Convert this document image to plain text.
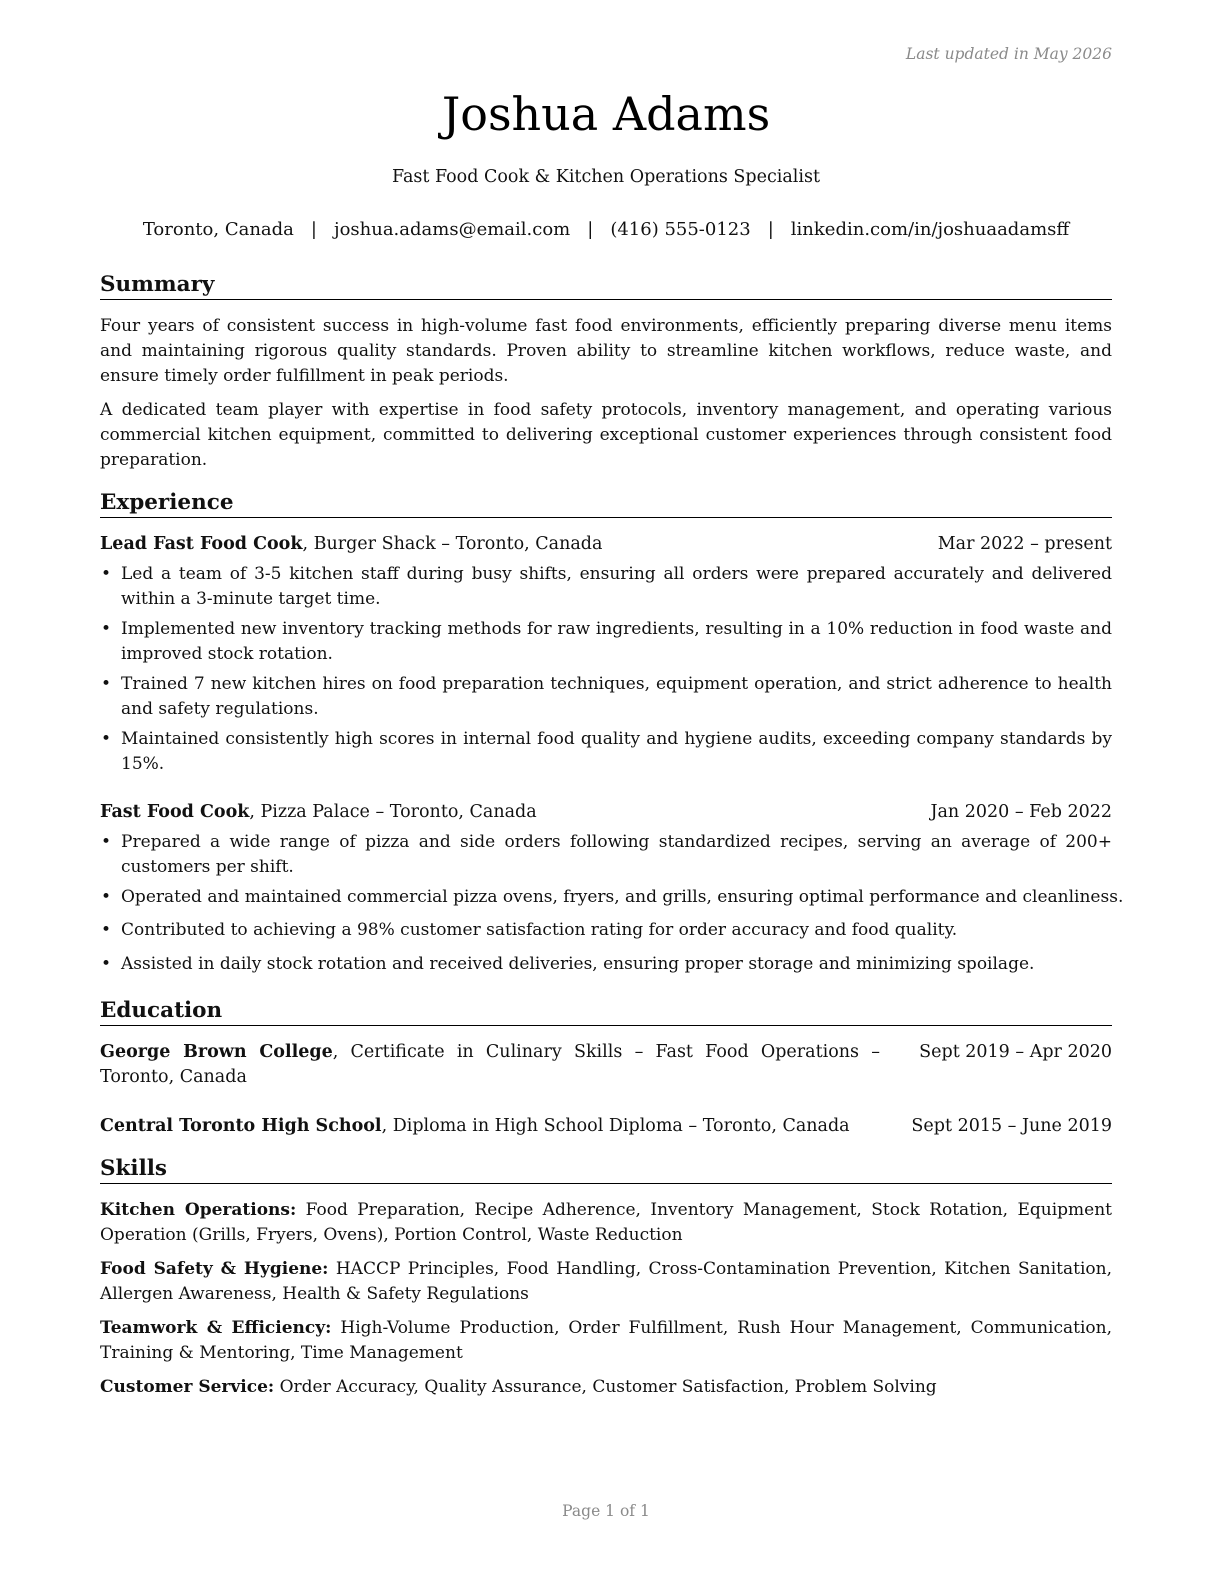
Last updated in May 2026
Joshua Adams
Fast Food Cook & Kitchen Operations Specialist
Toronto, Canada | joshua.adams@email.com | (416) 555-0123 | linkedin.com/in/joshuaadamsff
Summary
Four years of consistent success in high-volume fast food environments, efficiently preparing diverse menu items and maintaining rigorous quality standards. Proven ability to streamline kitchen workflows, reduce waste, and ensure timely order fulfillment in peak periods.
A dedicated team player with expertise in food safety protocols, inventory management, and operating various commercial kitchen equipment, committed to delivering exceptional customer experiences through consistent food preparation.
Experience
Lead Fast Food Cook, Burger Shack – Toronto, Canada	Mar 2022 – present
• Led a team of 3-5 kitchen staff during busy shifts, ensuring all orders were prepared accurately and delivered within a 3-minute target time.
• Implemented new inventory tracking methods for raw ingredients, resulting in a 10% reduction in food waste and improved stock rotation.
• Trained 7 new kitchen hires on food preparation techniques, equipment operation, and strict adherence to health and safety regulations.
• Maintained consistently high scores in internal food quality and hygiene audits, exceeding company standards by 15%.
Fast Food Cook, Pizza Palace – Toronto, Canada	Jan 2020 – Feb 2022
• Prepared a wide range of pizza and side orders following standardized recipes, serving an average of 200+ customers per shift.
• Operated and maintained commercial pizza ovens, fryers, and grills, ensuring optimal performance and cleanliness.
• Contributed to achieving a 98% customer satisfaction rating for order accuracy and food quality.
• Assisted in daily stock rotation and received deliveries, ensuring proper storage and minimizing spoilage.
Education
George Brown College, Certificate in Culinary Skills – Fast Food Operations – Toronto, Canada
Sept 2019 – Apr 2020
Central Toronto High School, Diploma in High School Diploma – Toronto, Canada	Sept 2015 – June 2019
Skills
Kitchen Operations: Food Preparation, Recipe Adherence, Inventory Management, Stock Rotation, Equipment Operation (Grills, Fryers, Ovens), Portion Control, Waste Reduction
Food Safety & Hygiene: HACCP Principles, Food Handling, Cross-Contamination Prevention, Kitchen Sanitation, Allergen Awareness, Health & Safety Regulations
Teamwork & Efficiency: High-Volume Production, Order Fulfillment, Rush Hour Management, Communication, Training & Mentoring, Time Management
Customer Service: Order Accuracy, Quality Assurance, Customer Satisfaction, Problem Solving
Page 1 of 1
